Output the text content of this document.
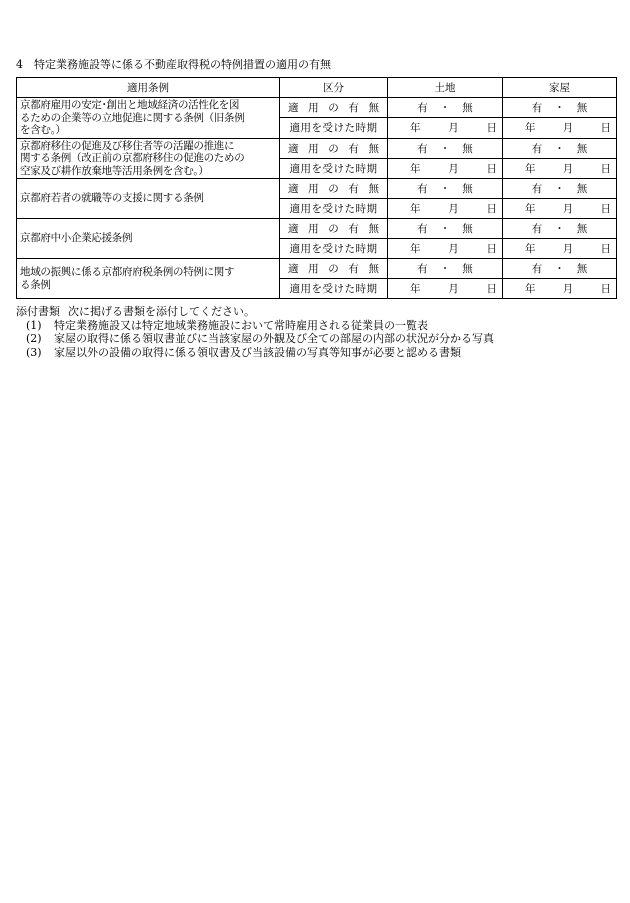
4　特定業務施設等に係る不動産取得税の特例措置の適用の有無
適用条例	区分	土地	家屋

京都府雇用の安定･創出と地域経済の活性化を図
るための企業等の立地促進に関する条例（旧条例
を含む。）	適 用 の 有 無	有 ・ 無	有 ・ 無

	適用を受けた時期	年 月 日	年 月 日

京都府移住の促進及び移住者等の活躍の推進に
関する条例（改正前の京都府移住の促進のための
空家及び耕作放棄地等活用条例を含む。）	適 用 の 有 無	有 ・ 無	有 ・ 無

	適用を受けた時期	年 月 日	年 月 日

京都府若者の就職等の支援に関する条例	適 用 の 有 無	有 ・ 無	有 ・ 無

	適用を受けた時期	年 月 日	年 月 日

京都府中小企業応援条例	適 用 の 有 無	有 ・ 無	有 ・ 無

	適用を受けた時期	年 月 日	年 月 日

地域の振興に係る京都府府税条例の特例に関す
る条例	適 用 の 有 無	有 ・ 無	有 ・ 無

	適用を受けた時期	年 月 日	年 月 日
添付書類 次に掲げる書類を添付してください。
(1) 特定業務施設又は特定地域業務施設において常時雇用される従業員の一覧表
(2) 家屋の取得に係る領収書並びに当該家屋の外観及び全ての部屋の内部の状況が分かる写真
(3) 家屋以外の設備の取得に係る領収書及び当該設備の写真等知事が必要と認める書類
